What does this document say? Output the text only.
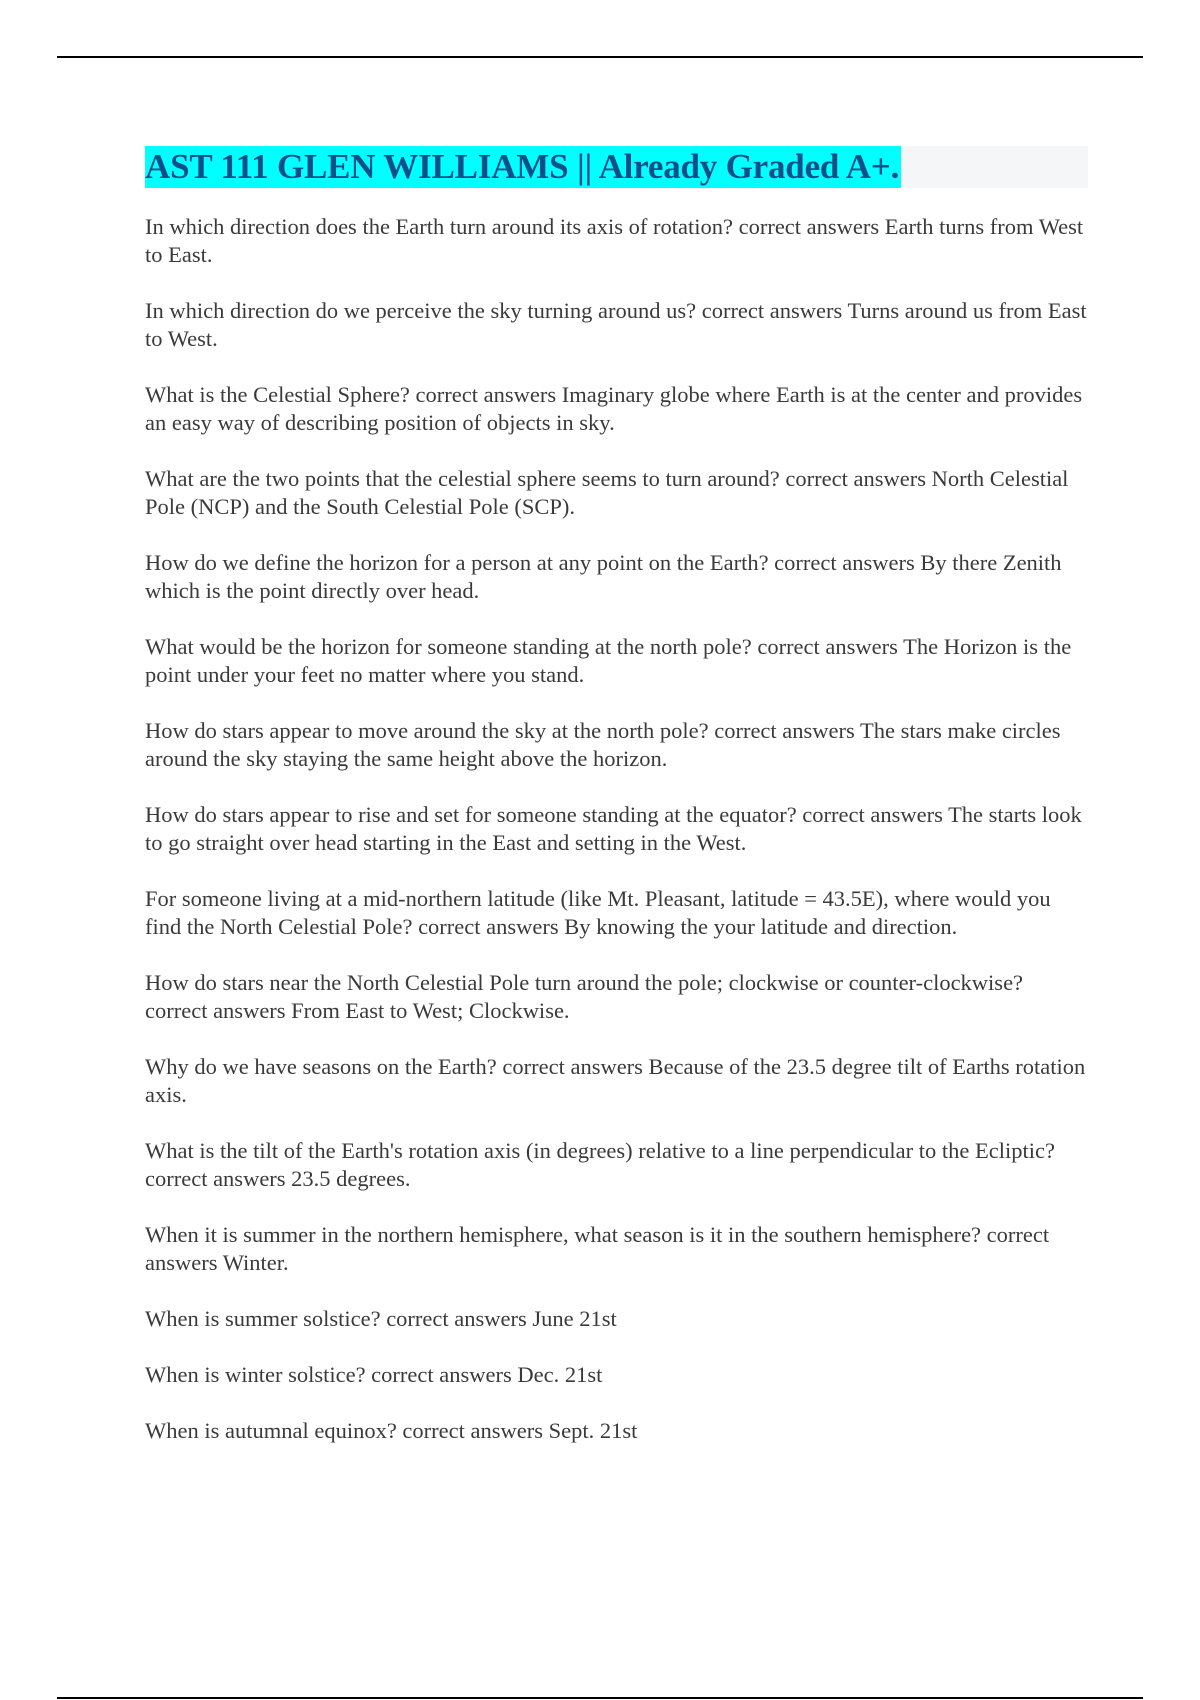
AST 111 GLEN WILLIAMS || Already Graded A+.

In which direction does the Earth turn around its axis of rotation? correct answers Earth turns from West to East.

In which direction do we perceive the sky turning around us? correct answers Turns around us from East to West.

What is the Celestial Sphere? correct answers Imaginary globe where Earth is at the center and provides an easy way of describing position of objects in sky.

What are the two points that the celestial sphere seems to turn around? correct answers North Celestial Pole (NCP) and the South Celestial Pole (SCP).

How do we define the horizon for a person at any point on the Earth? correct answers By there Zenith which is the point directly over head.

What would be the horizon for someone standing at the north pole? correct answers The Horizon is the point under your feet no matter where you stand.

How do stars appear to move around the sky at the north pole? correct answers The stars make circles around the sky staying the same height above the horizon.

How do stars appear to rise and set for someone standing at the equator? correct answers The starts look to go straight over head starting in the East and setting in the West.

For someone living at a mid-northern latitude (like Mt. Pleasant, latitude = 43.5E), where would you find the North Celestial Pole? correct answers By knowing the your latitude and direction.

How do stars near the North Celestial Pole turn around the pole; clockwise or counter-clockwise? correct answers From East to West; Clockwise.

Why do we have seasons on the Earth? correct answers Because of the 23.5 degree tilt of Earths rotation axis.

What is the tilt of the Earth's rotation axis (in degrees) relative to a line perpendicular to the Ecliptic? correct answers 23.5 degrees.

When it is summer in the northern hemisphere, what season is it in the southern hemisphere? correct answers Winter.

When is summer solstice? correct answers June 21st

When is winter solstice? correct answers Dec. 21st

When is autumnal equinox? correct answers Sept. 21st
